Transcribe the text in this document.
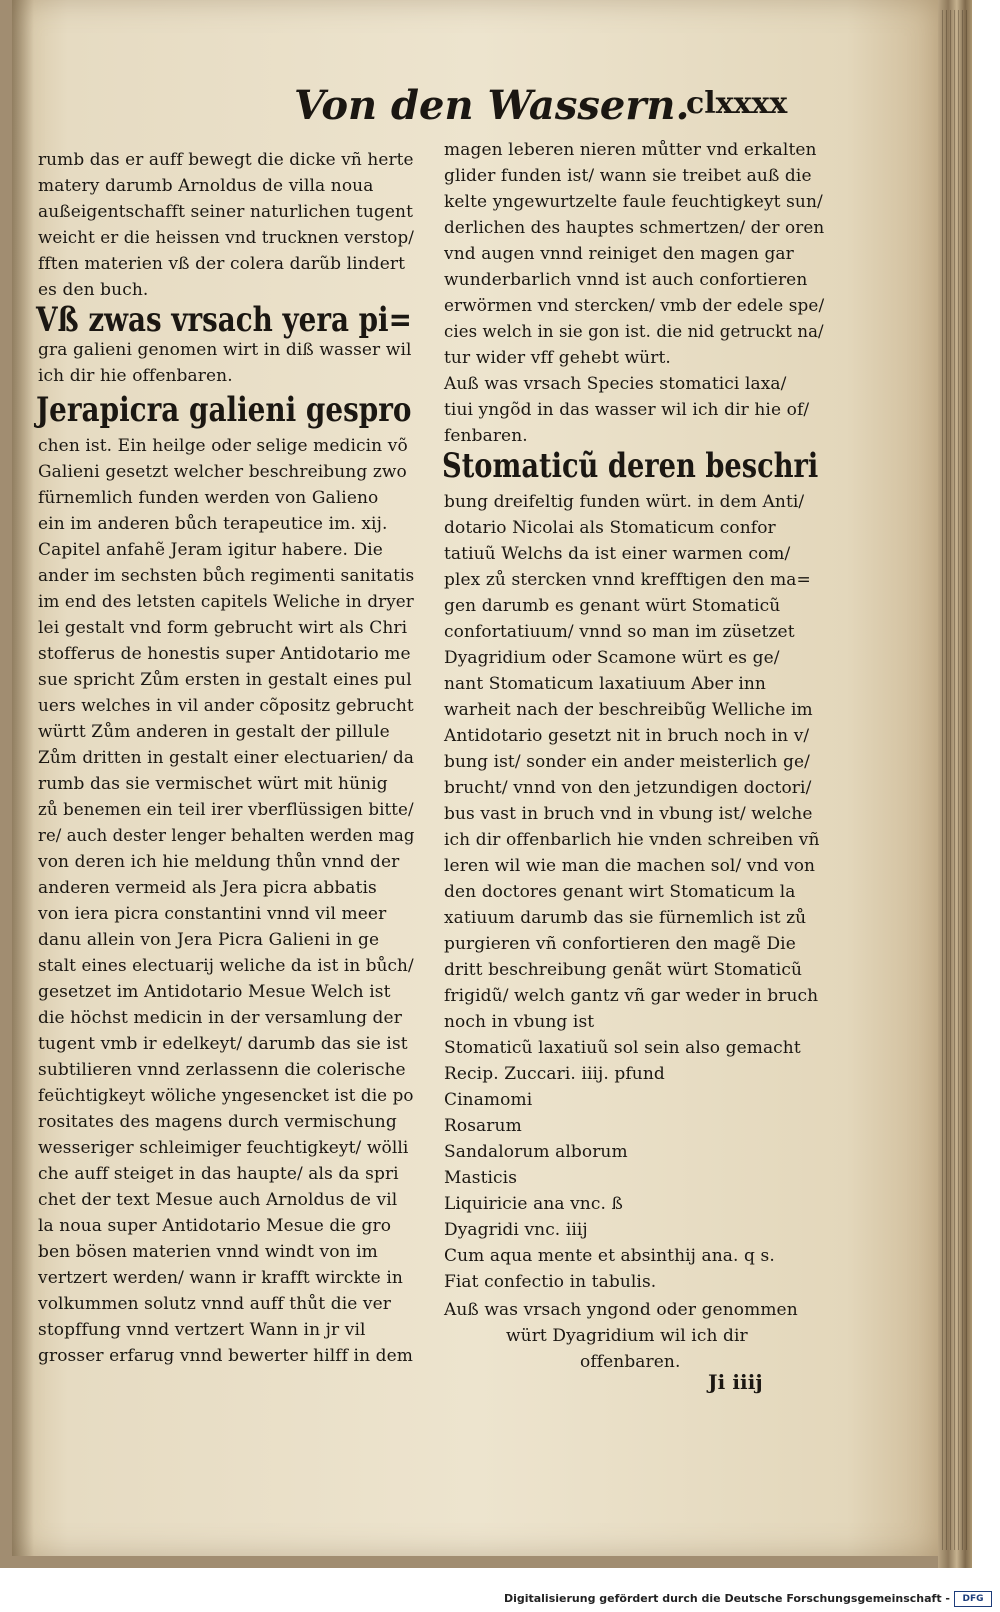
Von den Wassern.
clxxxx
rumb das er auff bewegt die dicke vñ herte
matery darumb Arnoldus de villa noua
außeigentschafft seiner naturlichen tugent
weicht er die heissen vnd trucknen verstop/
fften materien vß der colera darũb lindert
es den buch.
Vß zwas vrsach yera pi=
gra galieni genomen wirt in diß wasser wil
ich dir hie offenbaren.
Jerapicra galieni gespro
chen ist. Ein heilge oder selige medicin võ
Galieni gesetzt welcher beschreibung zwo
fürnemlich funden werden von Galieno
ein im anderen bůch terapeutice im. xij.
Capitel anfahẽ Jeram igitur habere. Die
ander im sechsten bůch regimenti sanitatis
im end des letsten capitels Weliche in dryer
lei gestalt vnd form gebrucht wirt als Chri
stofferus de honestis super Antidotario me
sue spricht Zům ersten in gestalt eines pul
uers welches in vil ander cõpositz gebrucht
württ Zům anderen in gestalt der pillule
Zům dritten in gestalt einer electuarien/ da
rumb das sie vermischet würt mit hünig
zů benemen ein teil irer vberflüssigen bitte/
re/ auch dester lenger behalten werden mag
von deren ich hie meldung thůn vnnd der
anderen vermeid als Jera picra abbatis
von iera picra constantini vnnd vil meer
danu allein von Jera Picra Galieni in ge
stalt eines electuarij weliche da ist in bůch/
gesetzet im Antidotario Mesue Welch ist
die höchst medicin in der versamlung der
tugent vmb ir edelkeyt/ darumb das sie ist
subtilieren vnnd zerlassenn die colerische
feüchtigkeyt wöliche yngesencket ist die po
rositates des magens durch vermischung
wesseriger schleimiger feuchtigkeyt/ wölli
che auff steiget in das haupte/ als da spri
chet der text Mesue auch Arnoldus de vil
la noua super Antidotario Mesue die gro
ben bösen materien vnnd windt von im
vertzert werden/ wann ir krafft wirckte in
volkummen solutz vnnd auff thůt die ver
stopffung vnnd vertzert Wann in jr vil
grosser erfarug vnnd bewerter hilff in dem
magen leberen nieren můtter vnd erkalten
glider funden ist/ wann sie treibet auß die
kelte yngewurtzelte faule feuchtigkeyt sun/
derlichen des hauptes schmertzen/ der oren
vnd augen vnnd reiniget den magen gar
wunderbarlich vnnd ist auch confortieren
erwörmen vnd stercken/ vmb der edele spe/
cies welch in sie gon ist. die nid getruckt na/
tur wider vff gehebt würt.
Auß was vrsach Species stomatici laxa/
tiui yngõd in das wasser wil ich dir hie of/
fenbaren.
Stomaticũ deren beschri
bung dreifeltig funden würt. in dem Anti/
dotario Nicolai als Stomaticum confor
tatiuũ Welchs da ist einer warmen com/
plex zů stercken vnnd krefftigen den ma=
gen darumb es genant würt Stomaticũ
confortatiuum/ vnnd so man im züsetzet
Dyagridium oder Scamone würt es ge/
nant Stomaticum laxatiuum Aber inn
warheit nach der beschreibũg Welliche im
Antidotario gesetzt nit in bruch noch in v/
bung ist/ sonder ein ander meisterlich ge/
brucht/ vnnd von den jetzundigen doctori/
bus vast in bruch vnd in vbung ist/ welche
ich dir offenbarlich hie vnden schreiben vñ
leren wil wie man die machen sol/ vnd von
den doctores genant wirt Stomaticum la
xatiuum darumb das sie fürnemlich ist zů
purgieren vñ confortieren den magẽ Die
dritt beschreibung genãt würt Stomaticũ
frigidũ/ welch gantz vñ gar weder in bruch
noch in vbung ist
Stomaticũ laxatiuũ sol sein also gemacht
Recip. Zuccari. iiij. pfund
Cinamomi
Rosarum
Sandalorum alborum
Masticis
Liquiricie ana vnc. ß
Dyagridi vnc. iiij
Cum aqua mente et absinthij ana. q s.
Fiat confectio in tabulis.
Auß was vrsach yngond oder genommen
würt Dyagridium wil ich dir
offenbaren.
Ji iiij
Digitalisierung gefördert durch die Deutsche Forschungsgemeinschaft -	DFG
